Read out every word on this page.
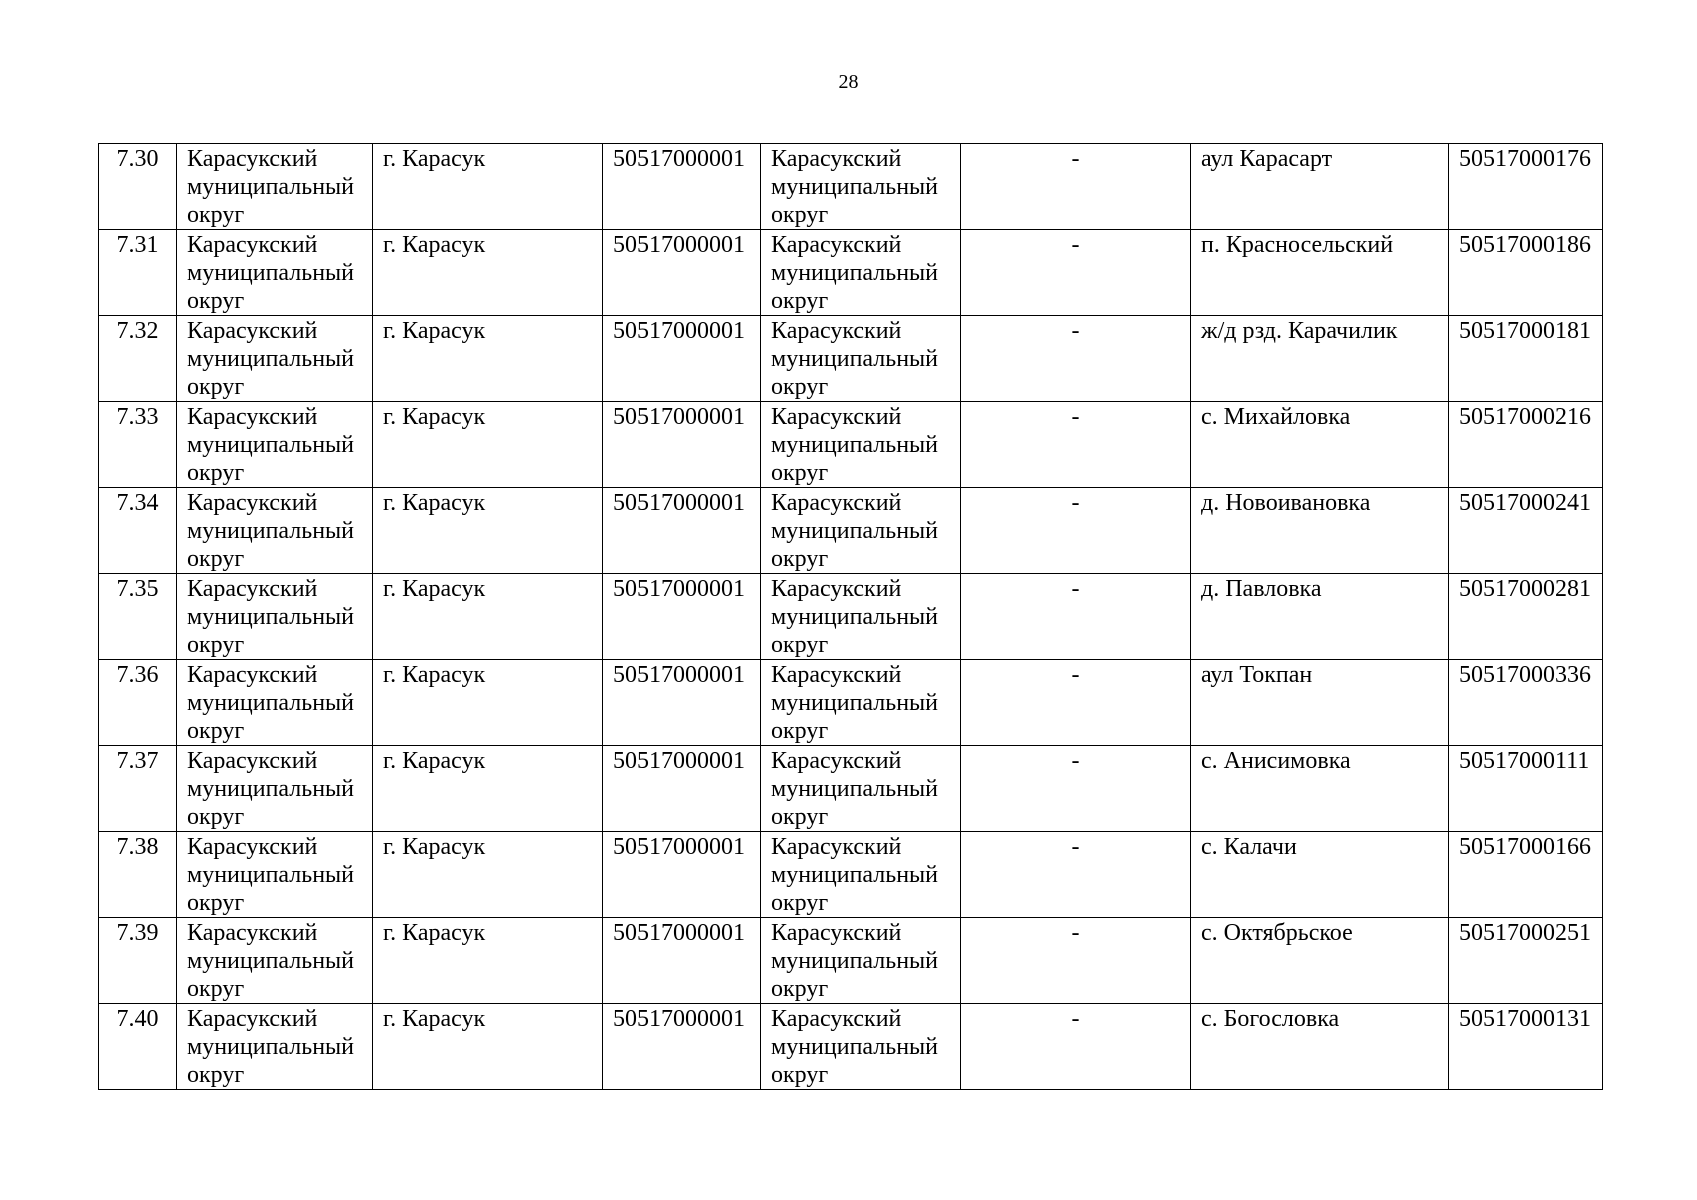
28
7.30	Карасукский муниципальный округ	г. Карасук	50517000001	Карасукский муниципальный округ	-	аул Карасарт	50517000176
7.31	Карасукский муниципальный округ	г. Карасук	50517000001	Карасукский муниципальный округ	-	п. Красносельский	50517000186
7.32	Карасукский муниципальный округ	г. Карасук	50517000001	Карасукский муниципальный округ	-	ж/д рзд. Карачилик	50517000181
7.33	Карасукский муниципальный округ	г. Карасук	50517000001	Карасукский муниципальный округ	-	с. Михайловка	50517000216
7.34	Карасукский муниципальный округ	г. Карасук	50517000001	Карасукский муниципальный округ	-	д. Новоивановка	50517000241
7.35	Карасукский муниципальный округ	г. Карасук	50517000001	Карасукский муниципальный округ	-	д. Павловка	50517000281
7.36	Карасукский муниципальный округ	г. Карасук	50517000001	Карасукский муниципальный округ	-	аул Токпан	50517000336
7.37	Карасукский муниципальный округ	г. Карасук	50517000001	Карасукский муниципальный округ	-	с. Анисимовка	50517000111
7.38	Карасукский муниципальный округ	г. Карасук	50517000001	Карасукский муниципальный округ	-	с. Калачи	50517000166
7.39	Карасукский муниципальный округ	г. Карасук	50517000001	Карасукский муниципальный округ	-	с. Октябрьское	50517000251
7.40	Карасукский муниципальный округ	г. Карасук	50517000001	Карасукский муниципальный округ	-	с. Богословка	50517000131
